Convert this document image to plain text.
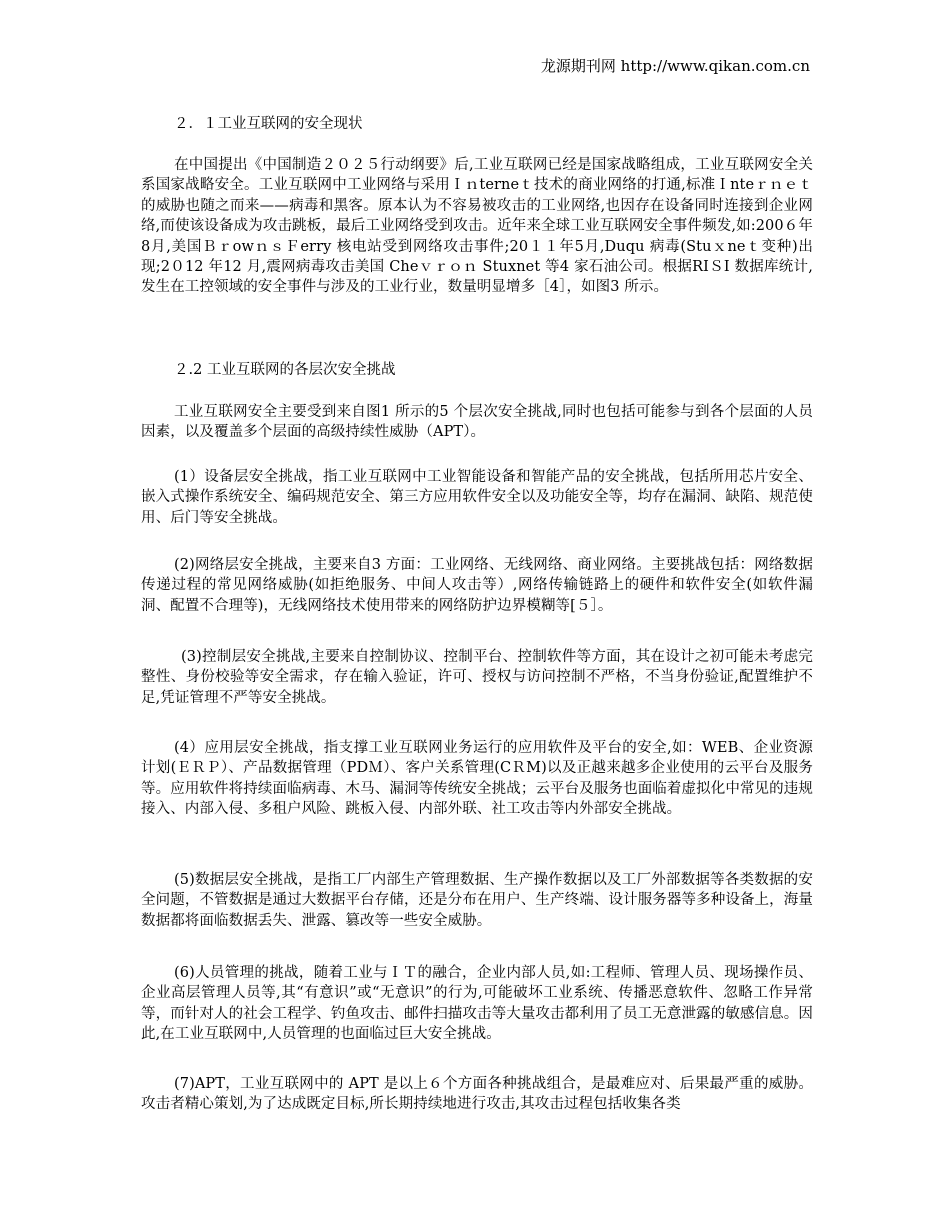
龙源期刊网 http://www.qikan.com.cn
２．１工业互联网的安全现状
在中国提出《中国制造２０２５行动纲要》后,工业互联网已经是国家战略组成，工业互联网安全关系国家战略安全。工业互联网中工业网络与采用Ｉｎterneｔ技术的商业网络的打通,标准Ｉnteｒｎｅｔ的威胁也随之而来——病毒和黑客。原本认为不容易被攻击的工业网络,也因存在设备同时连接到企业网络,而使该设备成为攻击跳板，最后工业网络受到攻击。近年来全球工业互联网安全事件频发,如:200６年8月,美国ＢｒowｎｓＦerry 核电站受到网络攻击事件;20１１年5月,Duqu 病毒(Stuｘneｔ变种)出现;2０12 年12 月,震网病毒攻击美国 Cheｖｒｏｎ Stuxnet 等4 家石油公司。根据RIＳI 数据库统计,发生在工控领域的安全事件与涉及的工业行业，数量明显增多［4］，如图3 所示。
２.2 工业互联网的各层次安全挑战
工业互联网安全主要受到来自图1 所示的5 个层次安全挑战,同时也包括可能参与到各个层面的人员因素，以及覆盖多个层面的高级持续性威胁（APT）。
(1）设备层安全挑战，指工业互联网中工业智能设备和智能产品的安全挑战，包括所用芯片安全、嵌入式操作系统安全、编码规范安全、第三方应用软件安全以及功能安全等，均存在漏洞、缺陷、规范使用、后门等安全挑战。
(2)网络层安全挑战，主要来自3 方面：工业网络、无线网络、商业网络。主要挑战包括：网络数据传递过程的常见网络威胁(如拒绝服务、中间人攻击等）,网络传输链路上的硬件和软件安全(如软件漏洞、配置不合理等)，无线网络技术使用带来的网络防护边界模糊等[５］。
(3)控制层安全挑战,主要来自控制协议、控制平台、控制软件等方面，其在设计之初可能未考虑完整性、身份校验等安全需求，存在输入验证，许可、授权与访问控制不严格，不当身份验证,配置维护不足,凭证管理不严等安全挑战。
(4）应用层安全挑战，指支撑工业互联网业务运行的应用软件及平台的安全,如：WEB、企业资源计划(ＥＲＰ）、产品数据管理（PDＭ）、客户关系管理(CＲM)以及正越来越多企业使用的云平台及服务等。应用软件将持续面临病毒、木马、漏洞等传统安全挑战；云平台及服务也面临着虚拟化中常见的违规接入、内部入侵、多租户风险、跳板入侵、内部外联、社工攻击等内外部安全挑战。
(5)数据层安全挑战，是指工厂内部生产管理数据、生产操作数据以及工厂外部数据等各类数据的安全问题，不管数据是通过大数据平台存储，还是分布在用户、生产终端、设计服务器等多种设备上，海量数据都将面临数据丢失、泄露、篡改等一些安全威胁。
(6)人员管理的挑战，随着工业与ＩＴ的融合，企业内部人员,如:工程师、管理人员、现场操作员、企业高层管理人员等,其“有意识”或“无意识”的行为,可能破坏工业系统、传播恶意软件、忽略工作异常等，而针对人的社会工程学、钓鱼攻击、邮件扫描攻击等大量攻击都利用了员工无意泄露的敏感信息。因此,在工业互联网中,人员管理的也面临过巨大安全挑战。
(7)APT，工业互联网中的 APT 是以上６个方面各种挑战组合，是最难应对、后果最严重的威胁。攻击者精心策划,为了达成既定目标,所长期持续地进行攻击,其攻击过程包括收集各类
